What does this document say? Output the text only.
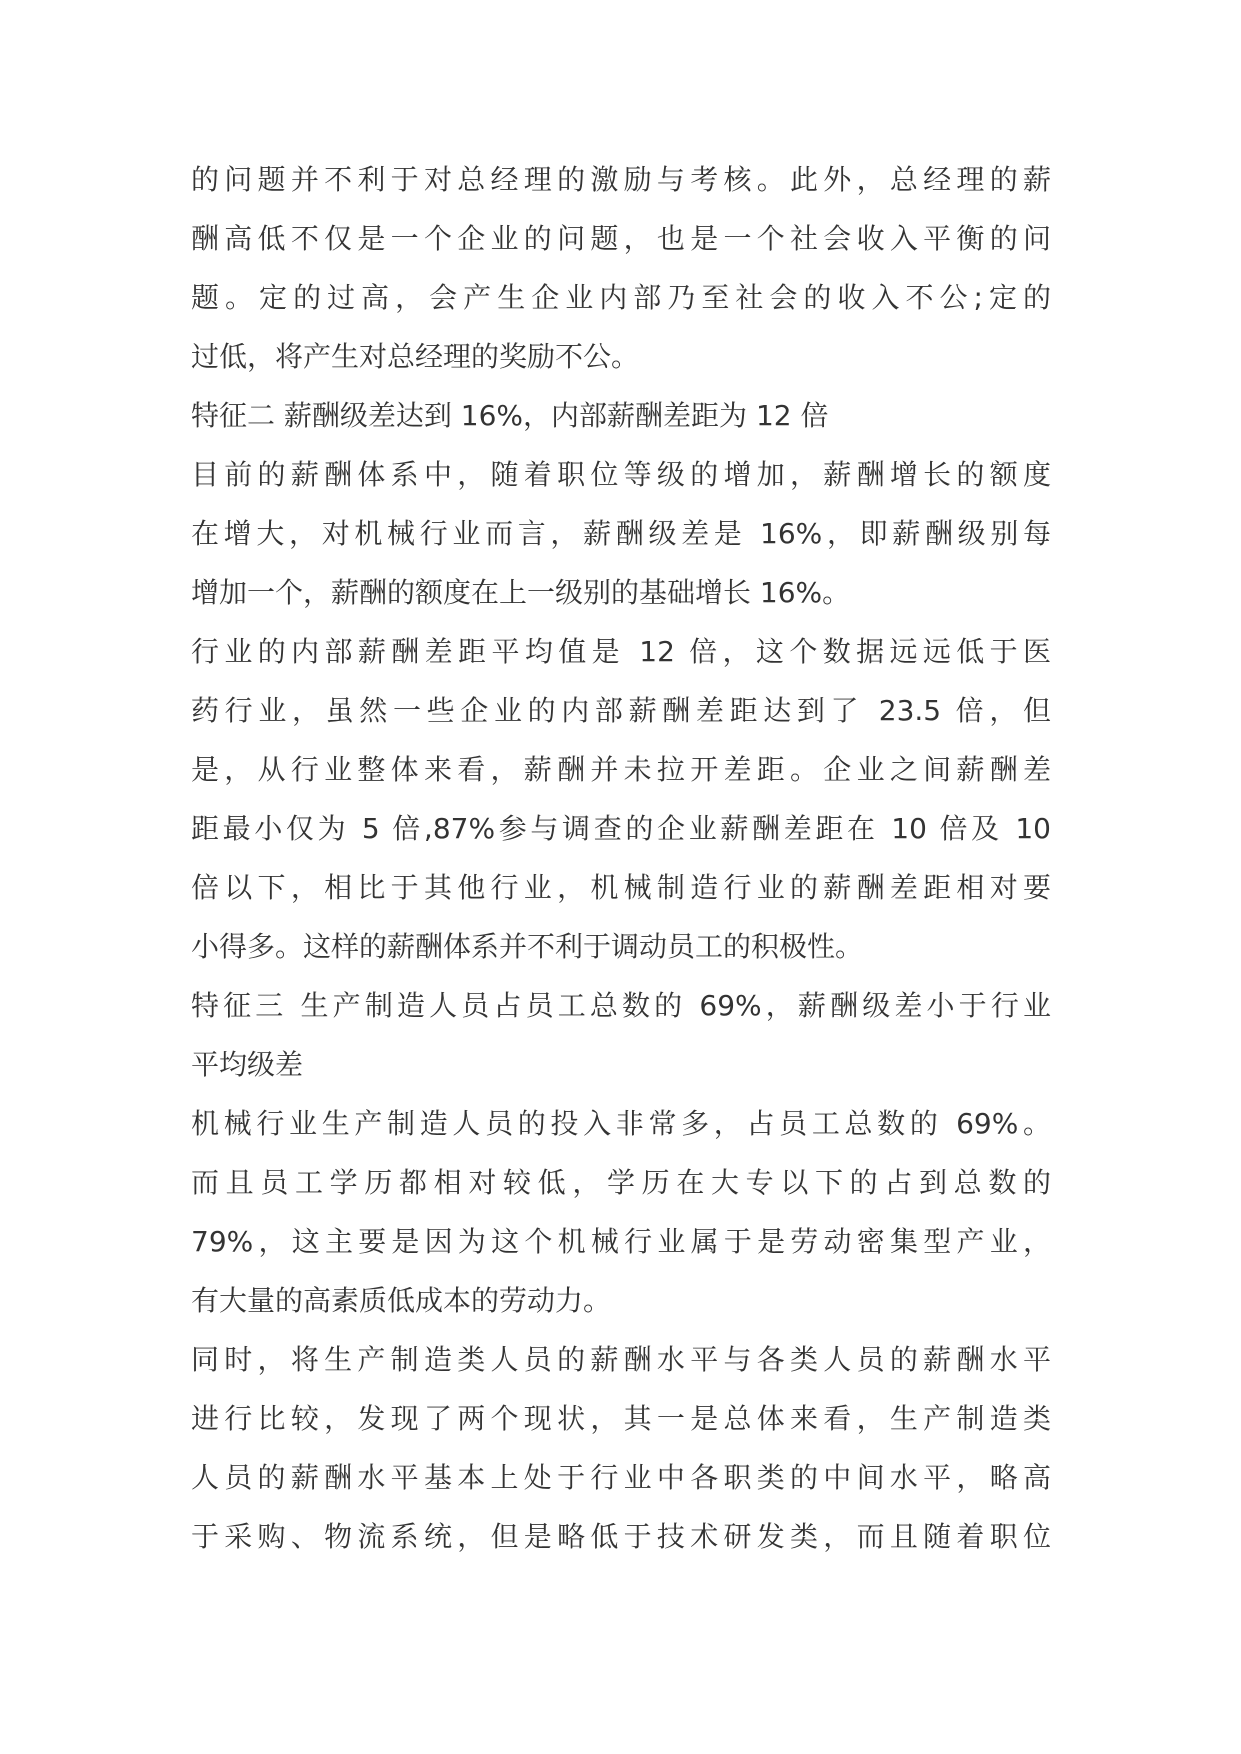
的问题并不利于对总经理的激励与考核。此外，总经理的薪
酬高低不仅是一个企业的问题，也是一个社会收入平衡的问
题。定的过高，会产生企业内部乃至社会的收入不公;定的
过低，将产生对总经理的奖励不公。
特征二 薪酬级差达到 16%，内部薪酬差距为 12 倍
目前的薪酬体系中，随着职位等级的增加，薪酬增长的额度
在增大，对机械行业而言，薪酬级差是 16%，即薪酬级别每
增加一个，薪酬的额度在上一级别的基础增长 16%。
行业的内部薪酬差距平均值是 12 倍，这个数据远远低于医
药行业，虽然一些企业的内部薪酬差距达到了 23.5 倍，但
是，从行业整体来看，薪酬并未拉开差距。企业之间薪酬差
距最小仅为 5 倍,87%参与调查的企业薪酬差距在 10 倍及 10
倍以下，相比于其他行业，机械制造行业的薪酬差距相对要
小得多。这样的薪酬体系并不利于调动员工的积极性。
特征三 生产制造人员占员工总数的 69%，薪酬级差小于行业
平均级差
机械行业生产制造人员的投入非常多，占员工总数的 69%。
而且员工学历都相对较低，学历在大专以下的占到总数的
79%，这主要是因为这个机械行业属于是劳动密集型产业，
有大量的高素质低成本的劳动力。
同时，将生产制造类人员的薪酬水平与各类人员的薪酬水平
进行比较，发现了两个现状，其一是总体来看，生产制造类
人员的薪酬水平基本上处于行业中各职类的中间水平，略高
于采购、物流系统，但是略低于技术研发类，而且随着职位
